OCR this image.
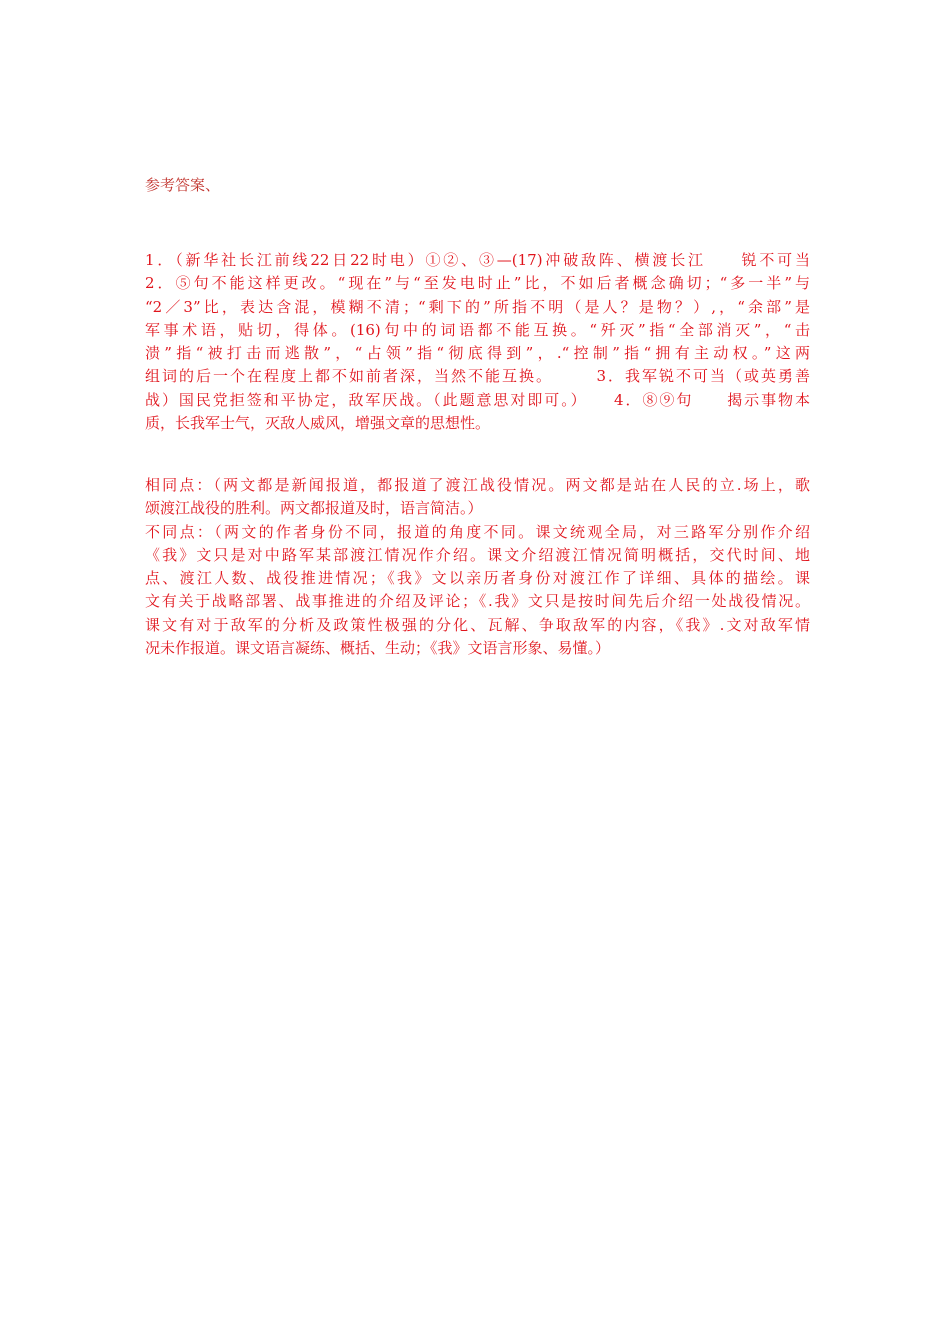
参考答案、
1．（新华社长江前线22日22时电）①②、③—(17)冲破敌阵、横渡长江　　锐不可当
2．⑤句不能这样更改。“现在”与“至发电时止”比，不如后者概念确切；“多一半”与
“2／3”比，表达含混，模糊不清；“剩下的”所指不明（是人？是物？）,，“余部”是
军事术语，贴切，得体。(16)句中的词语都不能互换。“歼灭”指“全部消灭”，“击
溃”指“被打击而逃散”，“占领”指“彻底得到”，.“控制”指“拥有主动权。”这两
组词的后一个在程度上都不如前者深，当然不能互换。　　　3．我军锐不可当（或英勇善
战）国民党拒签和平协定，敌军厌战。（此题意思对即可。）　　4．⑧⑨句　　揭示事物本
质，长我军士气，灭敌人威风，增强文章的思想性。
相同点：（两文都是新闻报道，都报道了渡江战役情况。两文都是站在人民的立.场上，歌
颂渡江战役的胜利。两文都报道及时，语言简洁。）
不同点：（两文的作者身份不同，报道的角度不同。课文统观全局，对三路军分别作介绍
《我》文只是对中路军某部渡江情况作介绍。课文介绍渡江情况简明概括，交代时间、地
点、渡江人数、战役推进情况；《我》文以亲历者身份对渡江作了详细、具体的描绘。课
文有关于战略部署、战事推进的介绍及评论；《.我》文只是按时间先后介绍一处战役情况。
课文有对于敌军的分析及政策性极强的分化、瓦解、争取敌军的内容，《我》.文对敌军情
况未作报道。课文语言凝练、概括、生动；《我》文语言形象、易懂。）
